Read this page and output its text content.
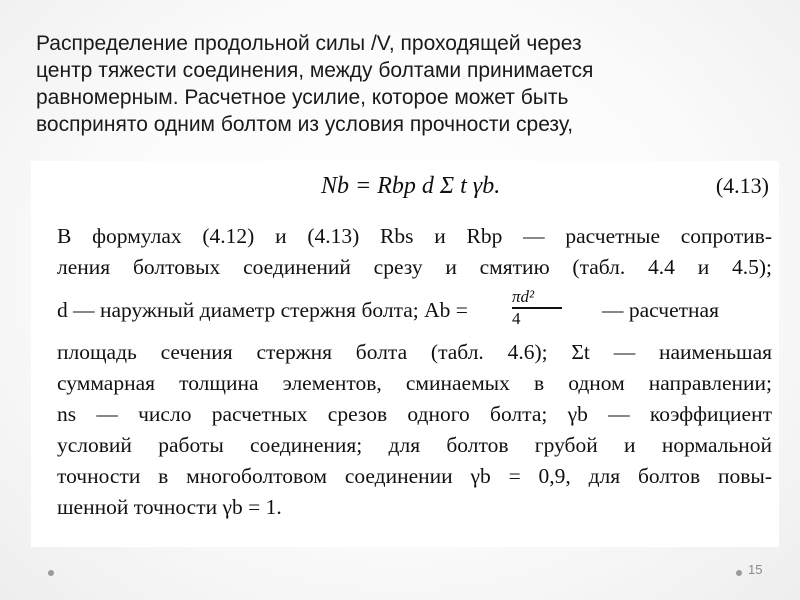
Распределение продольной силы /V, проходящей через
центр тяжести соединения, между болтами принимается
равномерным. Расчетное усилие, которое может быть
воспринято одним болтом из условия прочности срезу,

Nb = Rbp d Σ t γb.	(4.13)
В формулах (4.12) и (4.13) Rbs и Rbp — расчетные сопротив-
ления болтовых соединений срезу и смятию (табл. 4.4 и 4.5);
d — наружный диаметр стержня болта; Ab =	$\frac{\text{πd²}}{4}$ — расчетная
площадь сечения стержня болта (табл. 4.6); Σt — наименьшая
суммарная толщина элементов, сминаемых в одном направлении;
ns — число расчетных срезов одного болта; γb — коэффициент
условий работы соединения; для болтов грубой и нормальной
точности в многоболтовом соединении γb = 0,9, для болтов повы-
шенной точности γb = 1.
15
